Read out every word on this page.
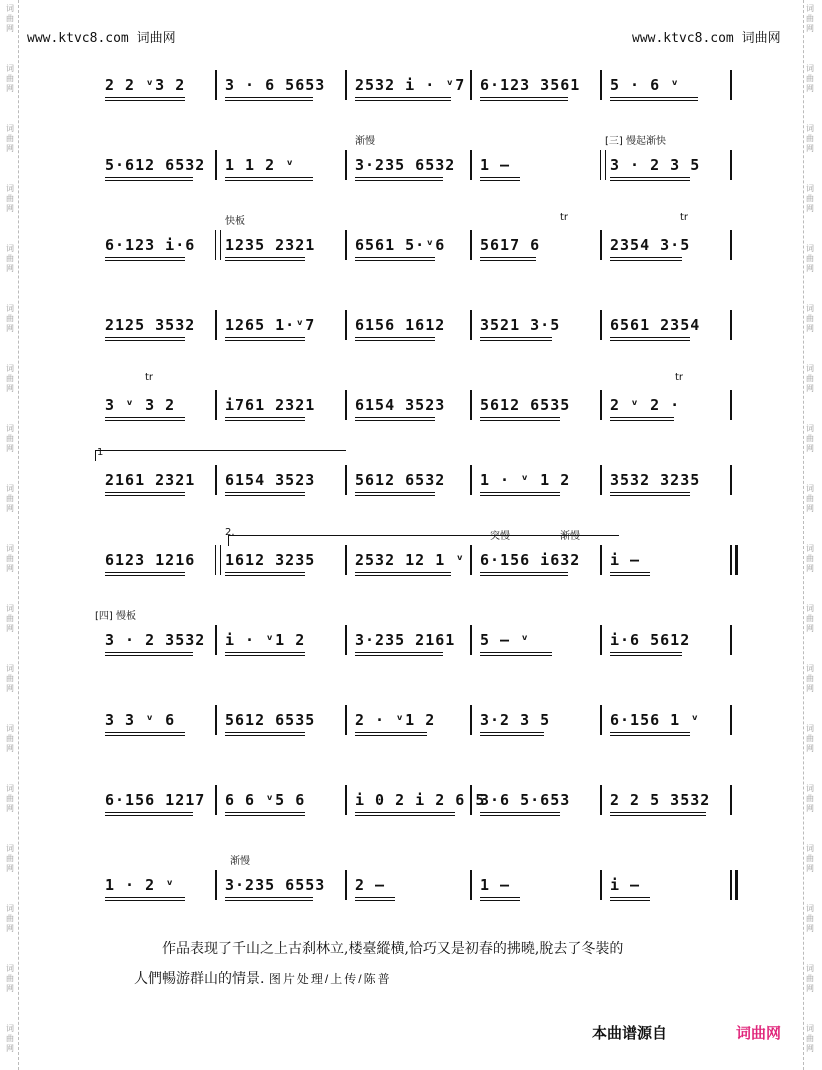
词
曲
网
词
曲
网
词
曲
网
词
曲
网
词
曲
网
词
曲
网
词
曲
网
词
曲
网
词
曲
网
词
曲
网
词
曲
网
词
曲
网
词
曲
网
词
曲
网
词
曲
网
词
曲
网
词
曲
网
词
曲
网
词
曲
网
词
曲
网
词
曲
网
词
曲
网
词
曲
网
词
曲
网
词
曲
网
词
曲
网
词
曲
网
词
曲
网
词
曲
网
词
曲
网
词
曲
网
词
曲
网
词
曲
网
词
曲
网
词
曲
网
词
曲
网
www.ktvc8.com 词曲网	www.ktvc8.com 词曲网
2 2 ᵛ3 2	3 · 6 5653 2532 i · ᵛ7 6·123 3561 5 · 6 ᵛ
5·612 6532 1 1 2 ᵛ	3·235 6532 1 –	3 · 2 3 5
渐慢	[三] 慢起渐快
6·123 i·6 1235 2321	6561 5·ᵛ6 5617 6	2354 3·5
快板	tr	tr
2125 3532 1265 1·ᵛ7	6156 1612 3521 3·5	6561 2354
3 ᵛ 3 2	i761 2321	6154 3523 5612 6535	2 ᵛ 2 ·
tr	tr
2161 2321 6154 3523	5612 6532 1 · ᵛ 1 2	3532 3235
1
6123 1216 1612 3235	2532 12 1 ᵛ 6·156 i632 i –
2.	突慢	渐慢
3 · 2 3532 i · ᵛ1 2	3·235 2161 5 – ᵛ	i·6 5612
[四] 慢板
3 3 ᵛ 6	5612 6535	2 · ᵛ1 2	3·2 3 5	6·156 1 ᵛ
6·156 1217 6 6 ᵛ5 6	i 0 2 i 2 6 5
3·6 5·653	2 2 5 3532
1 · 2 ᵛ	3·235 6553 2 –	1 –	i –
渐慢
作品表现了千山之上古刹林立,楼臺縱横,恰巧又是初春的拂曉,脫去了冬裝的
人們暢游群山的情景. 图片处理/上传/陈普
本曲谱源自	词曲网
